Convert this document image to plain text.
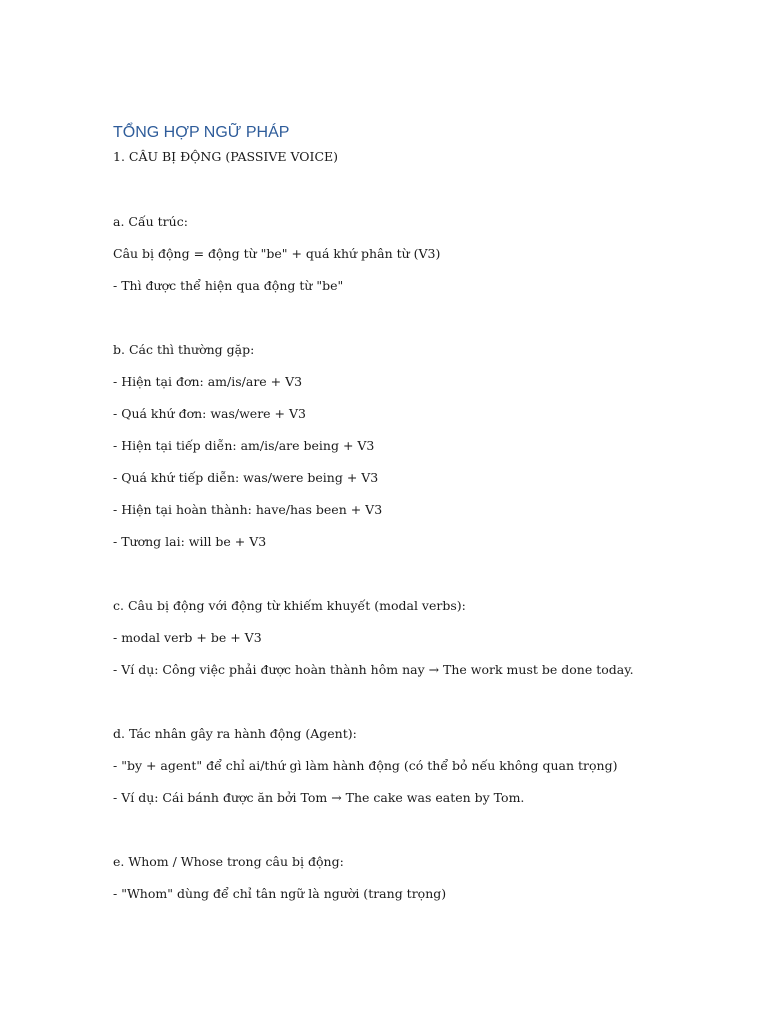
TỔNG HỢP NGỮ PHÁP
1. CÂU BỊ ĐỘNG (PASSIVE VOICE)
a. Cấu trúc:
Câu bị động = động từ "be" + quá khứ phân từ (V3)
- Thì được thể hiện qua động từ "be"
b. Các thì thường gặp:
- Hiện tại đơn: am/is/are + V3
- Quá khứ đơn: was/were + V3
- Hiện tại tiếp diễn: am/is/are being + V3
- Quá khứ tiếp diễn: was/were being + V3
- Hiện tại hoàn thành: have/has been + V3
- Tương lai: will be + V3
c. Câu bị động với động từ khiếm khuyết (modal verbs):
- modal verb + be + V3
- Ví dụ: Công việc phải được hoàn thành hôm nay → The work must be done today.
d. Tác nhân gây ra hành động (Agent):
- "by + agent" để chỉ ai/thứ gì làm hành động (có thể bỏ nếu không quan trọng)
- Ví dụ: Cái bánh được ăn bởi Tom → The cake was eaten by Tom.
e. Whom / Whose trong câu bị động:
- "Whom" dùng để chỉ tân ngữ là người (trang trọng)
